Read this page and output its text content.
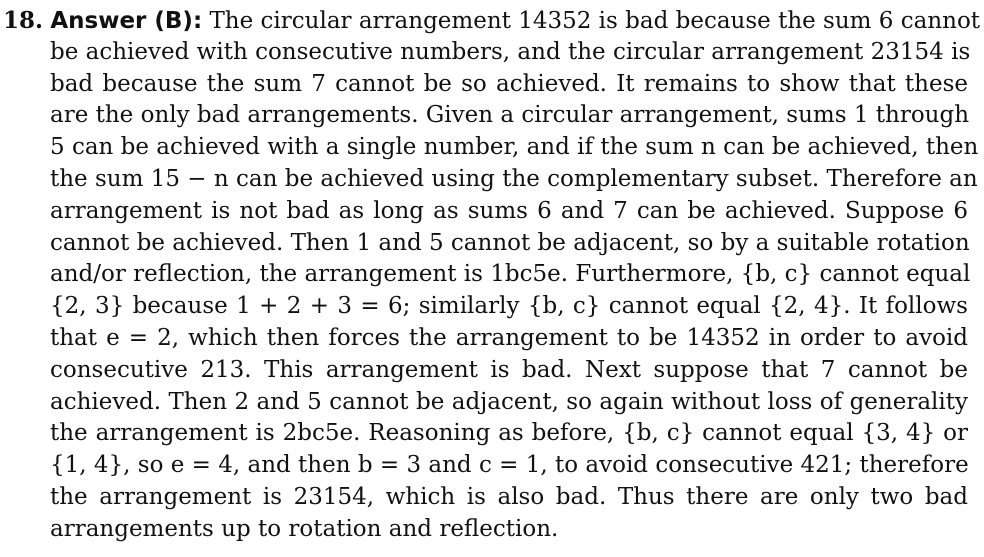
18. Answer (B): The circular arrangement 14352 is bad because the sum 6 cannot
be achieved with consecutive numbers, and the circular arrangement 23154 is
bad because the sum 7 cannot be so achieved. It remains to show that these
are the only bad arrangements. Given a circular arrangement, sums 1 through
5 can be achieved with a single number, and if the sum n can be achieved, then
the sum 15 − n can be achieved using the complementary subset. Therefore an
arrangement is not bad as long as sums 6 and 7 can be achieved. Suppose 6
cannot be achieved. Then 1 and 5 cannot be adjacent, so by a suitable rotation
and/or reflection, the arrangement is 1bc5e. Furthermore, {b, c} cannot equal
{2, 3} because 1 + 2 + 3 = 6; similarly {b, c} cannot equal {2, 4}. It follows
that e = 2, which then forces the arrangement to be 14352 in order to avoid
consecutive 213. This arrangement is bad. Next suppose that 7 cannot be
achieved. Then 2 and 5 cannot be adjacent, so again without loss of generality
the arrangement is 2bc5e. Reasoning as before, {b, c} cannot equal {3, 4} or
{1, 4}, so e = 4, and then b = 3 and c = 1, to avoid consecutive 421; therefore
the arrangement is 23154, which is also bad. Thus there are only two bad
arrangements up to rotation and reflection.
